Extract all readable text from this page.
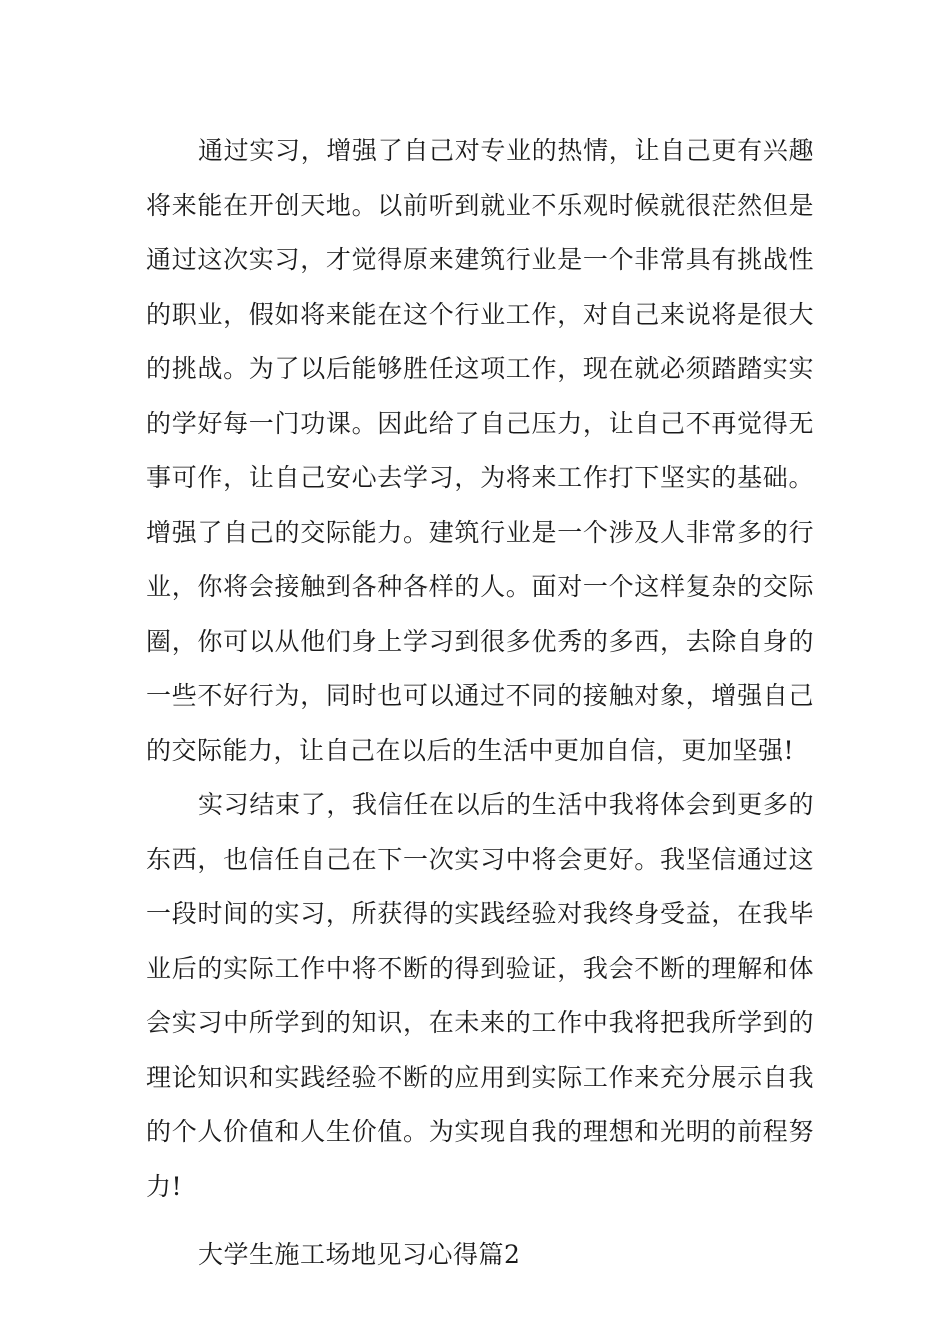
通过实习，增强了自己对专业的热情，让自己更有兴趣将来能在开创天地。以前听到就业不乐观时候就很茫然但是通过这次实习，才觉得原来建筑行业是一个非常具有挑战性的职业，假如将来能在这个行业工作，对自己来说将是很大的挑战。为了以后能够胜任这项工作，现在就必须踏踏实实的学好每一门功课。因此给了自己压力，让自己不再觉得无事可作，让自己安心去学习，为将来工作打下坚实的基础。 增强了自己的交际能力。建筑行业是一个涉及人非常多的行业，你将会接触到各种各样的人。面对一个这样复杂的交际圈，你可以从他们身上学习到很多优秀的多西，去除自身的一些不好行为，同时也可以通过不同的接触对象，增强自己的交际能力，让自己在以后的生活中更加自信，更加坚强!

实习结束了，我信任在以后的生活中我将体会到更多的东西，也信任自己在下一次实习中将会更好。我坚信通过这一段时间的实习，所获得的实践经验对我终身受益，在我毕业后的实际工作中将不断的得到验证，我会不断的理解和体会实习中所学到的知识，在未来的工作中我将把我所学到的理论知识和实践经验不断的应用到实际工作来充分展示自我的个人价值和人生价值。为实现自我的理想和光明的前程努力!

大学生施工场地见习心得篇2
